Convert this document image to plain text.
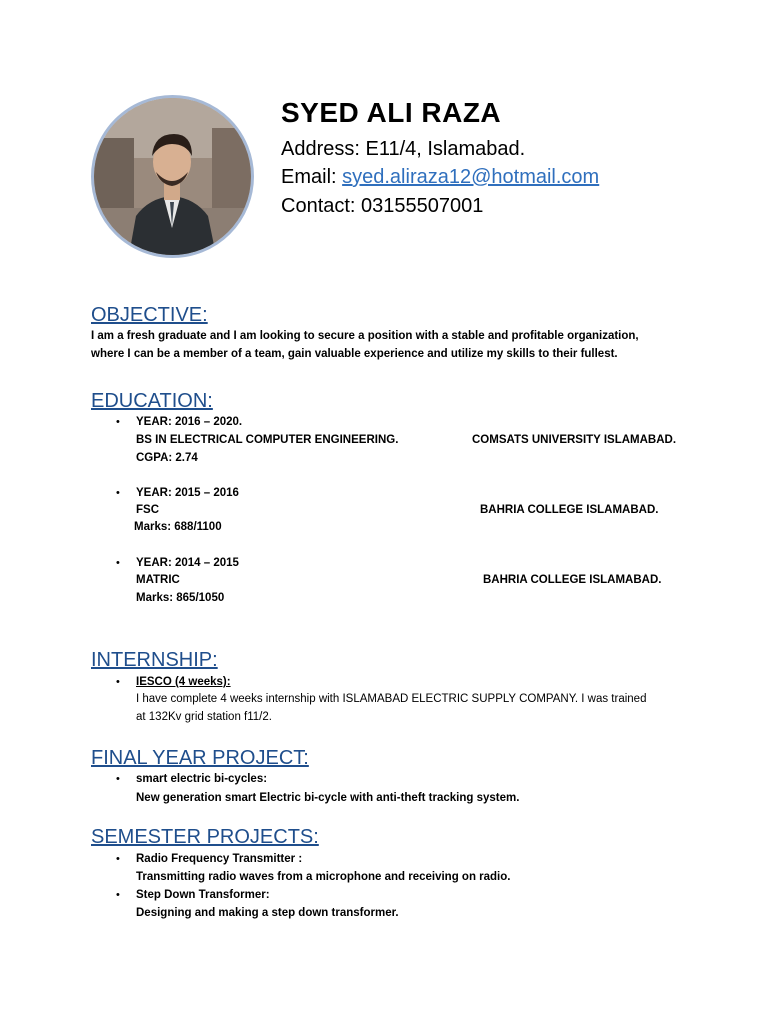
SYED ALI RAZA
Address: E11/4, Islamabad.
Email: syed.aliraza12@hotmail.com
Contact: 03155507001
OBJECTIVE:
I am a fresh graduate and I am looking to secure a position with a stable and profitable organization,
where I can be a member of a team, gain valuable experience and utilize my skills to their fullest.
EDUCATION:
• YEAR: 2016 – 2020.
BS IN ELECTRICAL COMPUTER ENGINEERING.	COMSATS UNIVERSITY ISLAMABAD.
CGPA: 2.74
• YEAR: 2015 – 2016
FSC	BAHRIA COLLEGE ISLAMABAD.
Marks: 688/1100
• YEAR: 2014 – 2015
MATRIC	BAHRIA COLLEGE ISLAMABAD.
Marks: 865/1050
INTERNSHIP:
• IESCO (4 weeks):
I have complete 4 weeks internship with ISLAMABAD ELECTRIC SUPPLY COMPANY. I was trained
at 132Kv grid station f11/2.
FINAL YEAR PROJECT:
• smart electric bi-cycles:
New generation smart Electric bi-cycle with anti-theft tracking system.
SEMESTER PROJECTS:
• Radio Frequency Transmitter :
Transmitting radio waves from a microphone and receiving on radio.
• Step Down Transformer:
Designing and making a step down transformer.
